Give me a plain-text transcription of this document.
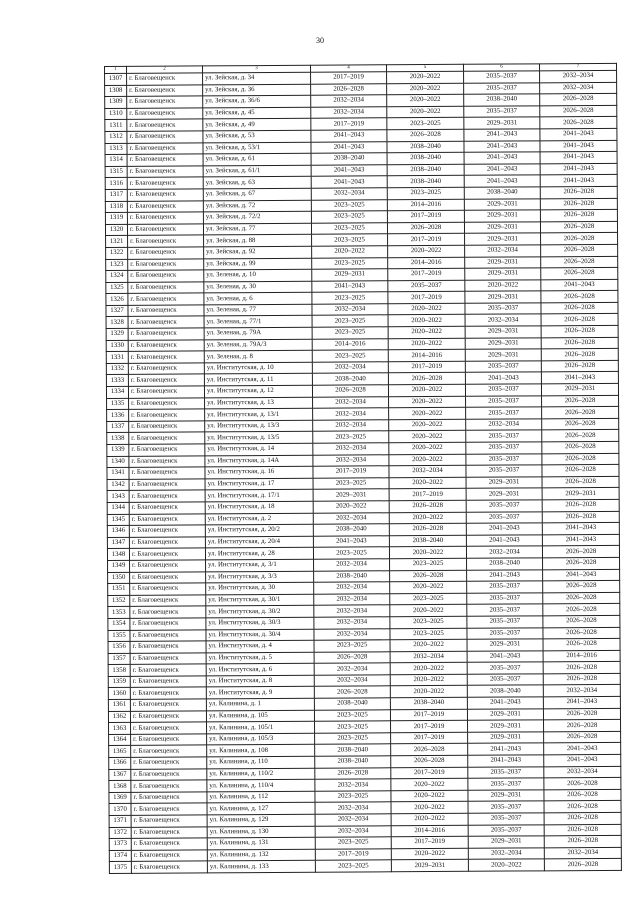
30
1	2	3	4	5	6	7
1307	г. Благовещенск	ул. Зейская, д. 34	2017–2019	2020–2022	2035–2037	2032–2034
1308	г. Благовещенск	ул. Зейская, д. 36	2026–2028	2020–2022	2035–2037	2032–2034
1309	г. Благовещенск	ул. Зейская, д. 36/6	2032–2034	2020–2022	2038–2040	2026–2028
1310	г. Благовещенск	ул. Зейская, д. 45	2032–2034	2020–2022	2035–2037	2026–2028
1311	г. Благовещенск	ул. Зейская, д. 49	2017–2019	2023–2025	2029–2031	2026–2028
1312	г. Благовещенск	ул. Зейская, д. 53	2041–2043	2026–2028	2041–2043	2041–2043
1313	г. Благовещенск	ул. Зейская, д. 53/1	2041–2043	2038–2040	2041–2043	2041–2043
1314	г. Благовещенск	ул. Зейская, д. 61	2038–2040	2038–2040	2041–2043	2041–2043
1315	г. Благовещенск	ул. Зейская, д. 61/1	2041–2043	2038–2040	2041–2043	2041–2043
1316	г. Благовещенск	ул. Зейская, д. 63	2041–2043	2038–2040	2041–2043	2041–2043
1317	г. Благовещенск	ул. Зейская, д. 67	2032–2034	2023–2025	2038–2040	2026–2028
1318	г. Благовещенск	ул. Зейская, д. 72	2023–2025	2014–2016	2029–2031	2026–2028
1319	г. Благовещенск	ул. Зейская, д. 72/2	2023–2025	2017–2019	2029–2031	2026–2028
1320	г. Благовещенск	ул. Зейская, д. 77	2023–2025	2026–2028	2029–2031	2026–2028
1321	г. Благовещенск	ул. Зейская, д. 88	2023–2025	2017–2019	2029–2031	2026–2028
1322	г. Благовещенск	ул. Зейская, д. 92	2020–2022	2020–2022	2032–2034	2026–2028
1323	г. Благовещенск	ул. Зейская, д. 99	2023–2025	2014–2016	2029–2031	2026–2028
1324	г. Благовещенск	ул. Зеленая, д. 10	2029–2031	2017–2019	2029–2031	2026–2028
1325	г. Благовещенск	ул. Зеленая, д. 30	2041–2043	2035–2037	2020–2022	2041–2043
1326	г. Благовещенск	ул. Зеленая, д. 6	2023–2025	2017–2019	2029–2031	2026–2028
1327	г. Благовещенск	ул. Зеленая, д. 77	2032–2034	2020–2022	2035–2037	2026–2028
1328	г. Благовещенск	ул. Зеленая, д. 77/1	2023–2025	2020–2022	2032–2034	2026–2028
1329	г. Благовещенск	ул. Зеленая, д. 79А	2023–2025	2020–2022	2029–2031	2026–2028
1330	г. Благовещенск	ул. Зеленая, д. 79А/3	2014–2016	2020–2022	2029–2031	2026–2028
1331	г. Благовещенск	ул. Зеленая, д. 8	2023–2025	2014–2016	2029–2031	2026–2028
1332	г. Благовещенск	ул. Институтская, д. 10	2032–2034	2017–2019	2035–2037	2026–2028
1333	г. Благовещенск	ул. Институтская, д. 11	2038–2040	2026–2028	2041–2043	2041–2043
1334	г. Благовещенск	ул. Институтская, д. 12	2026–2028	2020–2022	2035–2037	2029–2031
1335	г. Благовещенск	ул. Институтская, д. 13	2032–2034	2020–2022	2035–2037	2026–2028
1336	г. Благовещенск	ул. Институтская, д. 13/1	2032–2034	2020–2022	2035–2037	2026–2028
1337	г. Благовещенск	ул. Институтская, д. 13/3	2032–2034	2020–2022	2032–2034	2026–2028
1338	г. Благовещенск	ул. Институтская, д. 13/5	2023–2025	2020–2022	2035–2037	2026–2028
1339	г. Благовещенск	ул. Институтская, д. 14	2032–2034	2020–2022	2035–2037	2026–2028
1340	г. Благовещенск	ул. Институтская, д. 14А	2032–2034	2020–2022	2035–2037	2026–2028
1341	г. Благовещенск	ул. Институтская, д. 16	2017–2019	2032–2034	2035–2037	2026–2028
1342	г. Благовещенск	ул. Институтская, д. 17	2023–2025	2020–2022	2029–2031	2026–2028
1343	г. Благовещенск	ул. Институтская, д. 17/1	2029–2031	2017–2019	2029–2031	2029–2031
1344	г. Благовещенск	ул. Институтская, д. 18	2020–2022	2026–2028	2035–2037	2026–2028
1345	г. Благовещенск	ул. Институтская, д. 2	2032–2034	2020–2022	2035–2037	2026–2028
1346	г. Благовещенск	ул. Институтская, д. 20/2	2038–2040	2026–2028	2041–2043	2041–2043
1347	г. Благовещенск	ул. Институтская, д. 20/4	2041–2043	2038–2040	2041–2043	2041–2043
1348	г. Благовещенск	ул. Институтская, д. 28	2023–2025	2020–2022	2032–2034	2026–2028
1349	г. Благовещенск	ул. Институтская, д. 3/1	2032–2034	2023–2025	2038–2040	2026–2028
1350	г. Благовещенск	ул. Институтская, д. 3/3	2038–2040	2026–2028	2041–2043	2041–2043
1351	г. Благовещенск	ул. Институтская, д. 30	2032–2034	2020–2022	2035–2037	2026–2028
1352	г. Благовещенск	ул. Институтская, д. 30/1	2032–2034	2023–2025	2035–2037	2026–2028
1353	г. Благовещенск	ул. Институтская, д. 30/2	2032–2034	2020–2022	2035–2037	2026–2028
1354	г. Благовещенск	ул. Институтская, д. 30/3	2032–2034	2023–2025	2035–2037	2026–2028
1355	г. Благовещенск	ул. Институтская, д. 30/4	2032–2034	2023–2025	2035–2037	2026–2028
1356	г. Благовещенск	ул. Институтская, д. 4	2023–2025	2020–2022	2029–2031	2026–2028
1357	г. Благовещенск	ул. Институтская, д. 5	2026–2028	2032–2034	2041–2043	2014–2016
1358	г. Благовещенск	ул. Институтская, д. 6	2032–2034	2020–2022	2035–2037	2026–2028
1359	г. Благовещенск	ул. Институтская, д. 8	2032–2034	2020–2022	2035–2037	2026–2028
1360	г. Благовещенск	ул. Институтская, д. 9	2026–2028	2020–2022	2038–2040	2032–2034
1361	г. Благовещенск	ул. Калинина, д. 1	2038–2040	2038–2040	2041–2043	2041–2043
1362	г. Благовещенск	ул. Калинина, д. 105	2023–2025	2017–2019	2029–2031	2026–2028
1363	г. Благовещенск	ул. Калинина, д. 105/1	2023–2025	2017–2019	2029–2031	2026–2028
1364	г. Благовещенск	ул. Калинина, д. 105/3	2023–2025	2017–2019	2029–2031	2026–2028
1365	г. Благовещенск	ул. Калинина, д. 108	2038–2040	2026–2028	2041–2043	2041–2043
1366	г. Благовещенск	ул. Калинина, д. 110	2038–2040	2026–2028	2041–2043	2041–2043
1367	г. Благовещенск	ул. Калинина, д. 110/2	2026–2028	2017–2019	2035–2037	2032–2034
1368	г. Благовещенск	ул. Калинина, д. 110/4	2032–2034	2020–2022	2035–2037	2026–2028
1369	г. Благовещенск	ул. Калинина, д. 112	2023–2025	2020–2022	2029–2031	2026–2028
1370	г. Благовещенск	ул. Калинина, д. 127	2032–2034	2020–2022	2035–2037	2026–2028
1371	г. Благовещенск	ул. Калинина, д. 129	2032–2034	2020–2022	2035–2037	2026–2028
1372	г. Благовещенск	ул. Калинина, д. 130	2032–2034	2014–2016	2035–2037	2026–2028
1373	г. Благовещенск	ул. Калинина, д. 131	2023–2025	2017–2019	2029–2031	2026–2028
1374	г. Благовещенск	ул. Калинина, д. 132	2017–2019	2020–2022	2032–2034	2032–2034
1375	г. Благовещенск	ул. Калинина, д. 133	2023–2025	2029–2031	2020–2022	2026–2028
